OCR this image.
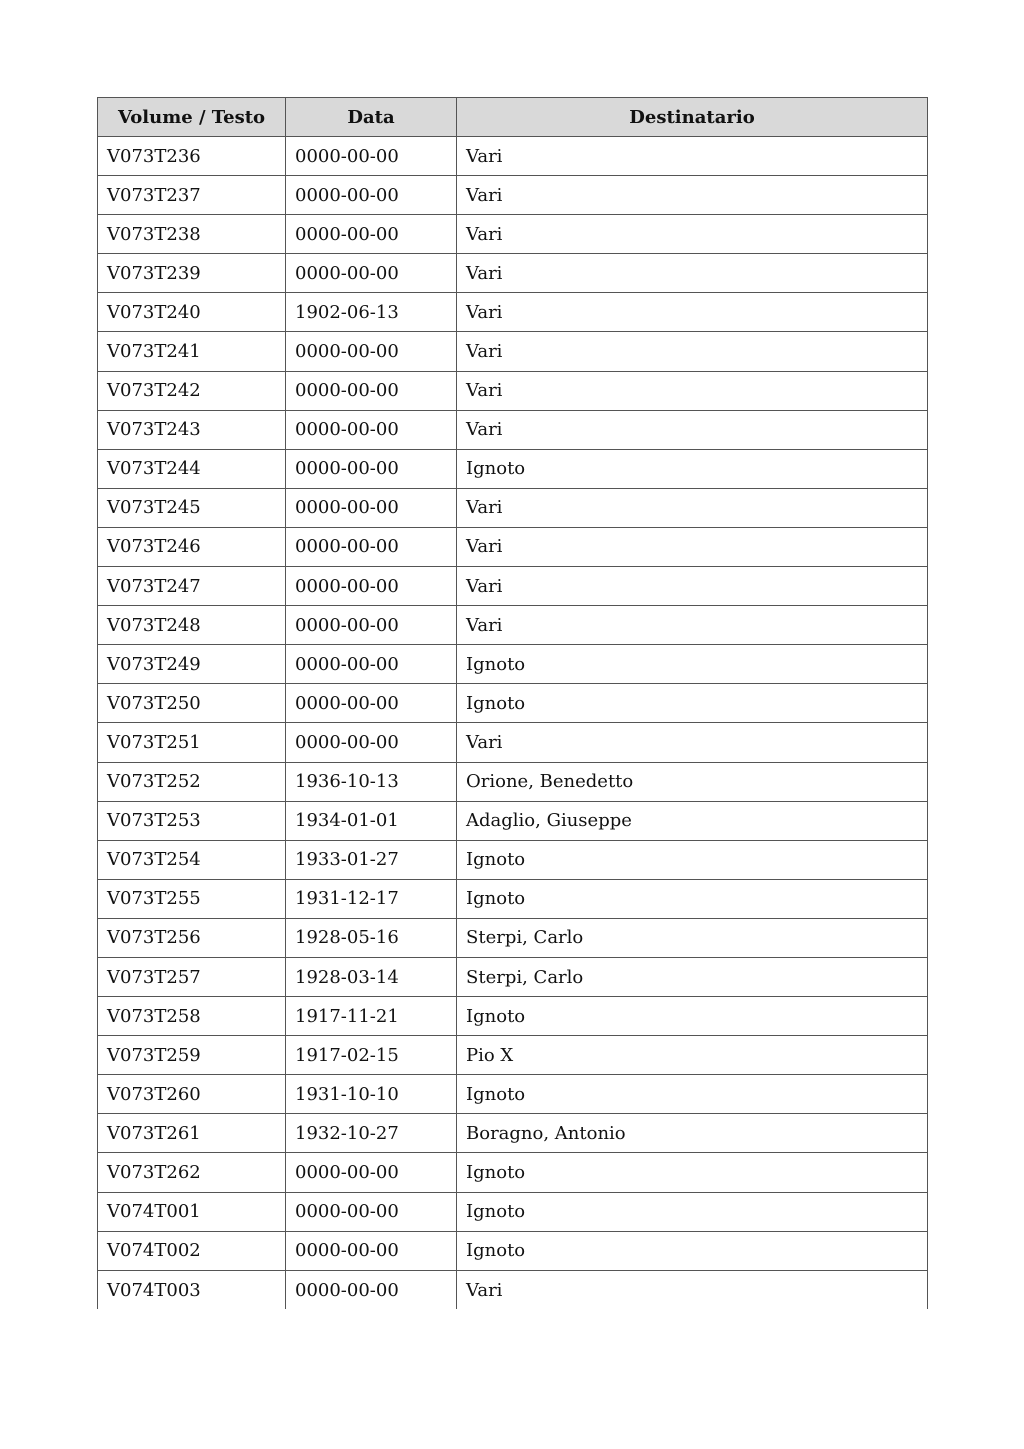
Volume / Testo	Data	Destinatario
V073T236	0000-00-00	Vari
V073T237	0000-00-00	Vari
V073T238	0000-00-00	Vari
V073T239	0000-00-00	Vari
V073T240	1902-06-13	Vari
V073T241	0000-00-00	Vari
V073T242	0000-00-00	Vari
V073T243	0000-00-00	Vari
V073T244	0000-00-00	Ignoto
V073T245	0000-00-00	Vari
V073T246	0000-00-00	Vari
V073T247	0000-00-00	Vari
V073T248	0000-00-00	Vari
V073T249	0000-00-00	Ignoto
V073T250	0000-00-00	Ignoto
V073T251	0000-00-00	Vari
V073T252	1936-10-13	Orione, Benedetto
V073T253	1934-01-01	Adaglio, Giuseppe
V073T254	1933-01-27	Ignoto
V073T255	1931-12-17	Ignoto
V073T256	1928-05-16	Sterpi, Carlo
V073T257	1928-03-14	Sterpi, Carlo
V073T258	1917-11-21	Ignoto
V073T259	1917-02-15	Pio X
V073T260	1931-10-10	Ignoto
V073T261	1932-10-27	Boragno, Antonio
V073T262	0000-00-00	Ignoto
V074T001	0000-00-00	Ignoto
V074T002	0000-00-00	Ignoto
V074T003	0000-00-00	Vari
